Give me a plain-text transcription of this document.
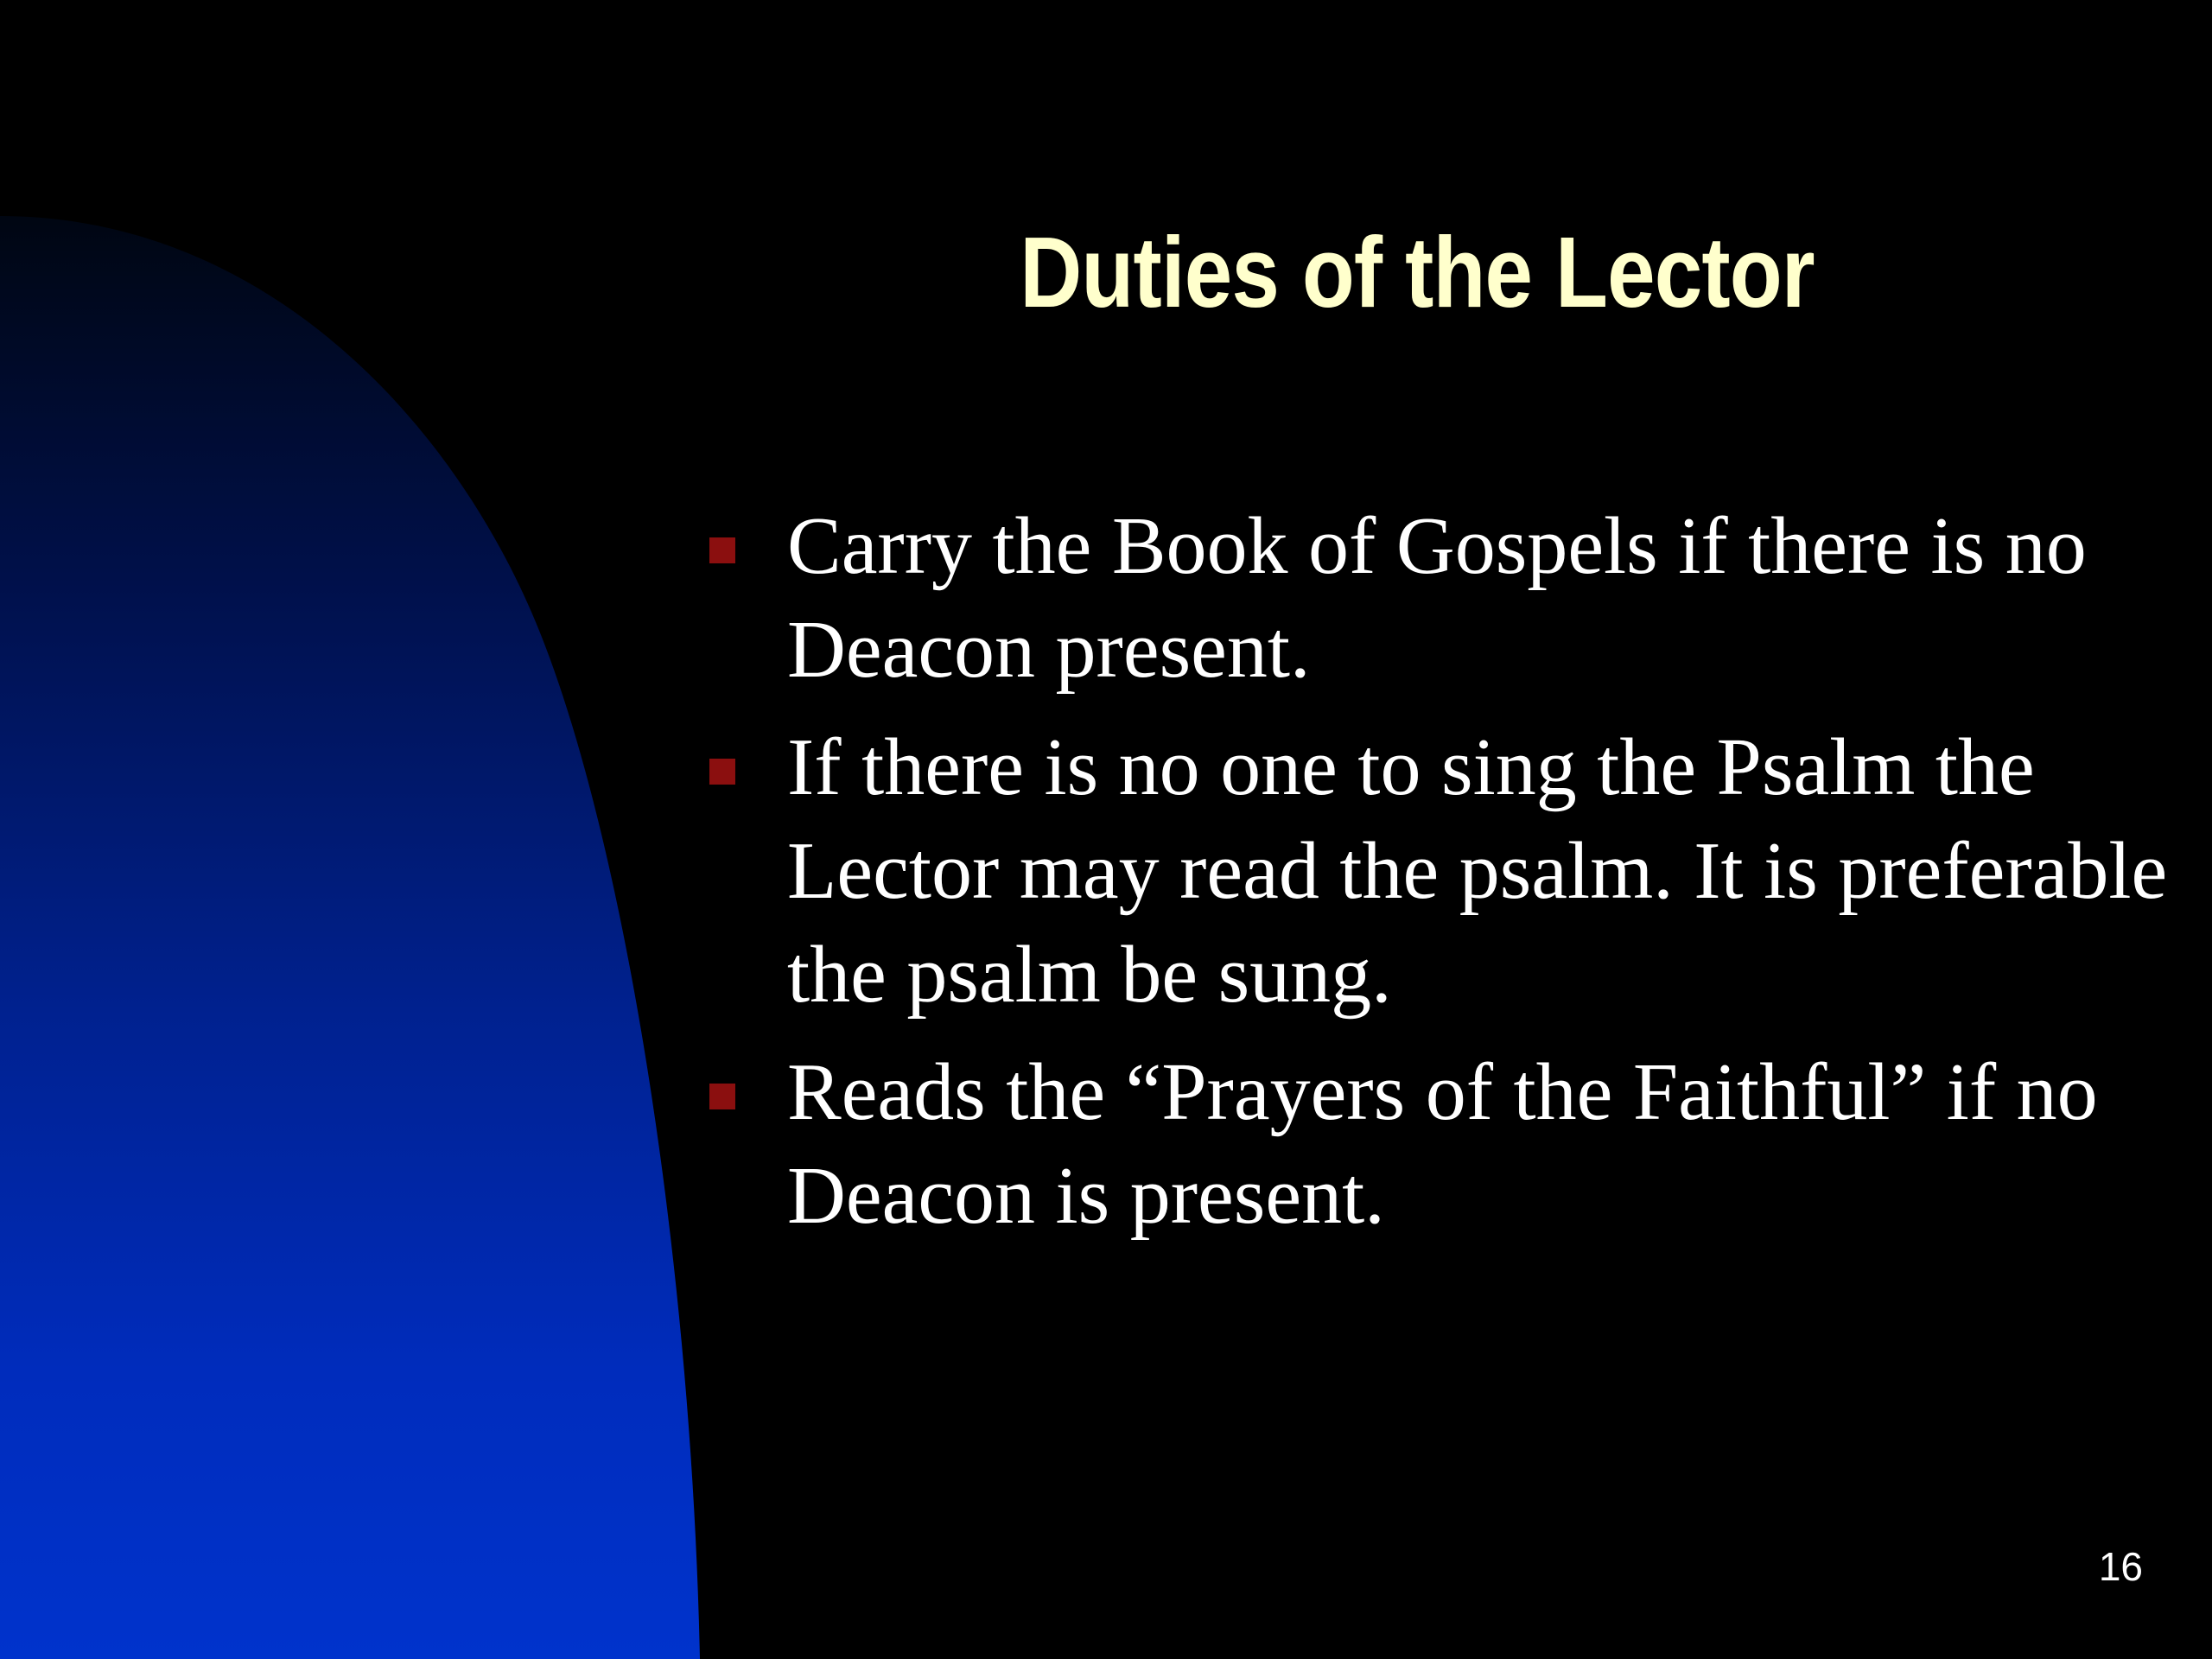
Duties of the Lector
Carry the Book of Gospels if there is no Deacon present.
If there is no one to sing the Psalm the Lector may read the psalm. It is preferable the psalm be sung.
Reads the “Prayers of the Faithful” if no Deacon is present.
16
